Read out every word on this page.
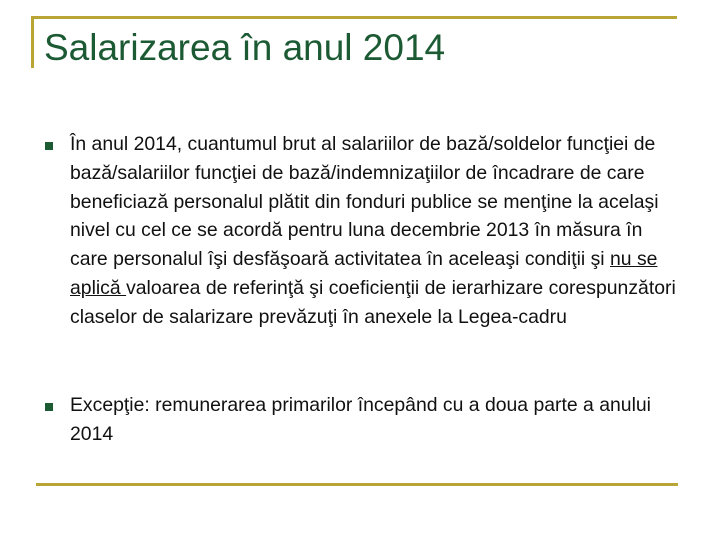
Salarizarea în anul 2014
În anul 2014, cuantumul brut al salariilor de bază/soldelor funcţiei de bază/salariilor funcţiei de bază/indemnizaţiilor de încadrare de care beneficiază personalul plătit din fonduri publice se menţine la acelaşi nivel cu cel ce se acordă pentru luna decembrie 2013 în măsura în care personalul îşi desfăşoară activitatea în aceleaşi condiţii şi nu se aplică valoarea de referinţă şi coeficienţii de ierarhizare corespunzători claselor de salarizare prevăzuţi în anexele la Legea-cadru
Excepţie: remunerarea primarilor începând cu a doua parte a anului 2014
